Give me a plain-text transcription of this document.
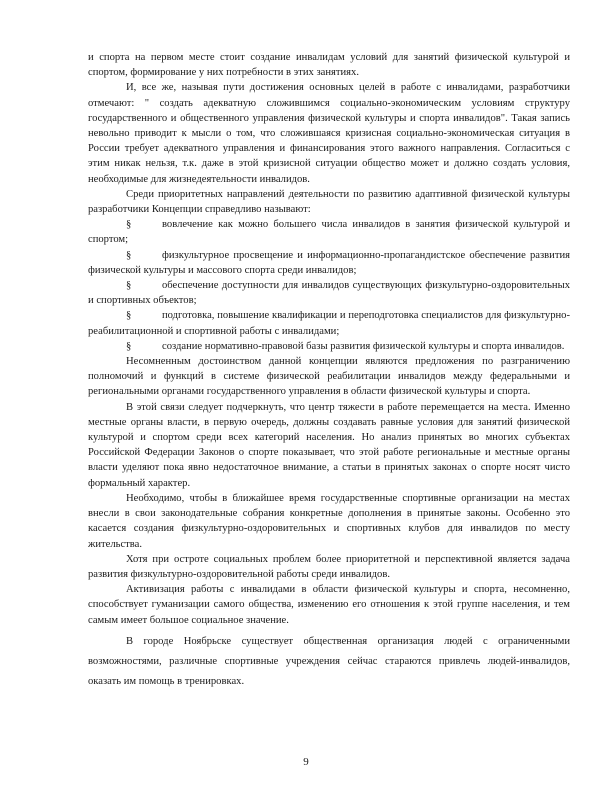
и спорта на первом месте стоит создание инвалидам условий для занятий физической культурой и спортом, формирование у них потребности в этих занятиях.

И, все же, называя пути достижения основных целей в работе с инвалидами, разработчики отмечают: " создать адекватную сложившимся социально-экономическим условиям структуру государственного и общественного управления физической культуры и спорта инвалидов". Такая запись невольно приводит к мысли о том, что сложившаяся кризисная социально-экономическая ситуация в России требует адекватного управления и финансирования этого важного направления. Согласиться с этим никак нельзя, т.к. даже в этой кризисной ситуации общество может и должно создать условия, необходимые для жизнедеятельности инвалидов.

Среди приоритетных направлений деятельности по развитию адаптивной физической культуры разработчики Концепции справедливо называют:

§	вовлечение как можно большего числа инвалидов в занятия физической культурой и спортом;
§	физкультурное просвещение и информационно-пропагандистское обеспечение развития физической культуры и массового спорта среди инвалидов;
§	обеспечение доступности для инвалидов существующих физкультурно-оздоровительных и спортивных объектов;
§	подготовка, повышение квалификации и переподготовка специалистов для физкультурно-реабилитационной и спортивной работы с инвалидами;
§	создание нормативно-правовой базы развития физической культуры и спорта инвалидов.

Несомненным достоинством данной концепции являются предложения по разграничению полномочий и функций в системе физической реабилитации инвалидов между федеральными и региональными органами государственного управления в области физической культуры и спорта.

В этой связи следует подчеркнуть, что центр тяжести в работе перемещается на места. Именно местные органы власти, в первую очередь, должны создавать равные условия для занятий физической культурой и спортом среди всех категорий населения. Но анализ принятых во многих субъектах Российской Федерации Законов о спорте показывает, что этой работе региональные и местные органы власти уделяют пока явно недостаточное внимание, а статьи в принятых законах о спорте носят чисто формальный характер.

Необходимо, чтобы в ближайшее время государственные спортивные организации на местах внесли в свои законодательные собрания конкретные дополнения в принятые законы. Особенно это касается создания физкультурно-оздоровительных и спортивных клубов для инвалидов по месту жительства.

Хотя при остроте социальных проблем более приоритетной и перспективной является задача развития физкультурно-оздоровительной работы среди инвалидов.

Активизация работы с инвалидами в области физической культуры и спорта, несомненно, способствует гуманизации самого общества, изменению его отношения к этой группе населения, и тем самым имеет большое социальное значение.

В городе Ноябрьске существует общественная организация людей с ограниченными возможностями, различные спортивные учреждения сейчас стараются привлечь людей-инвалидов, оказать им помощь в тренировках.

9
